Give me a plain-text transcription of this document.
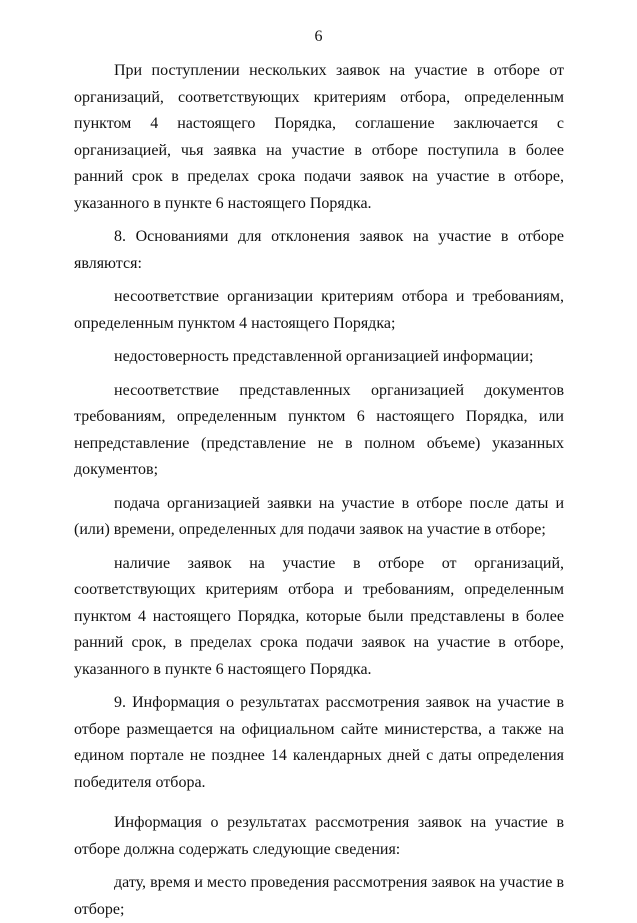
6

При поступлении нескольких заявок на участие в отборе от организаций, соответствующих критериям отбора, определенным пунктом 4 настоящего Порядка, соглашение заключается с организацией, чья заявка на участие в отборе поступила в более ранний срок в пределах срока подачи заявок на участие в отборе, указанного в пункте 6 настоящего Порядка.

8. Основаниями для отклонения заявок на участие в отборе являются:

несоответствие организации критериям отбора и требованиям, определенным пунктом 4 настоящего Порядка;

недостоверность представленной организацией информации;

несоответствие представленных организацией документов требованиям, определенным пунктом 6 настоящего Порядка, или непредставление (представление не в полном объеме) указанных документов;

подача организацией заявки на участие в отборе после даты и (или) времени, определенных для подачи заявок на участие в отборе;

наличие заявок на участие в отборе от организаций, соответствующих критериям отбора и требованиям, определенным пунктом 4 настоящего Порядка, которые были представлены в более ранний срок, в пределах срока подачи заявок на участие в отборе, указанного в пункте 6 настоящего Порядка.

9. Информация о результатах рассмотрения заявок на участие в отборе размещается на официальном сайте министерства, а также на едином портале не позднее 14 календарных дней с даты определения победителя отбора.

Информация о результатах рассмотрения заявок на участие в отборе должна содержать следующие сведения:

дату, время и место проведения рассмотрения заявок на участие в отборе;
